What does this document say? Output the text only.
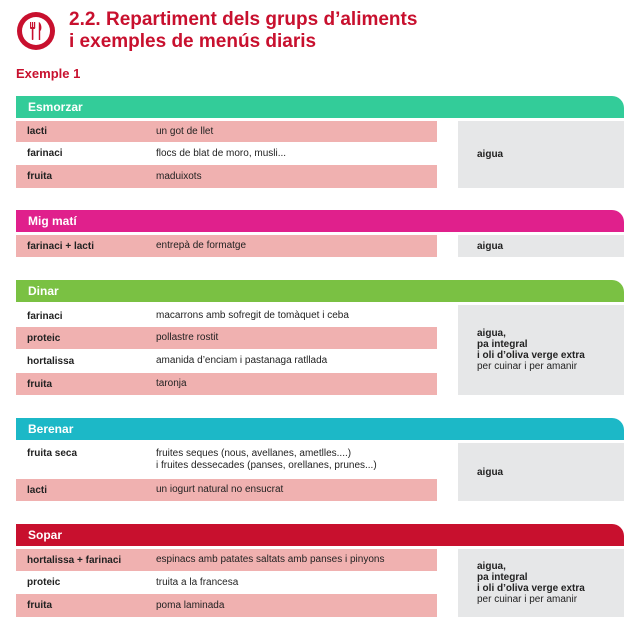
2.2. Repartiment dels grups d’aliments
i exemples de menús diaris
Exemple 1
Esmorzar
lacti	un got de llet
farinaci	flocs de blat de moro, musli...
fruita	maduixots
aigua
Mig matí
farinaci + lacti	entrepà de formatge	aigua
Dinar
farinaci	macarrons amb sofregit de tomàquet i ceba
proteic	pollastre rostit
hortalissa	amanida d’enciam i pastanaga ratllada
fruita	taronja
aigua,
pa integral
i oli d’oliva verge extra
per cuinar i per amanir
Berenar
fruita seca	fruites seques (nous, avellanes, ametlles....)
i fruites dessecades (panses, orellanes, prunes...)
lacti	un iogurt natural no ensucrat
aigua
Sopar
hortalissa + farinaci	espinacs amb patates saltats amb panses i pinyons
proteic	truita a la francesa
fruita	poma laminada
aigua,
pa integral
i oli d’oliva verge extra
per cuinar i per amanir
